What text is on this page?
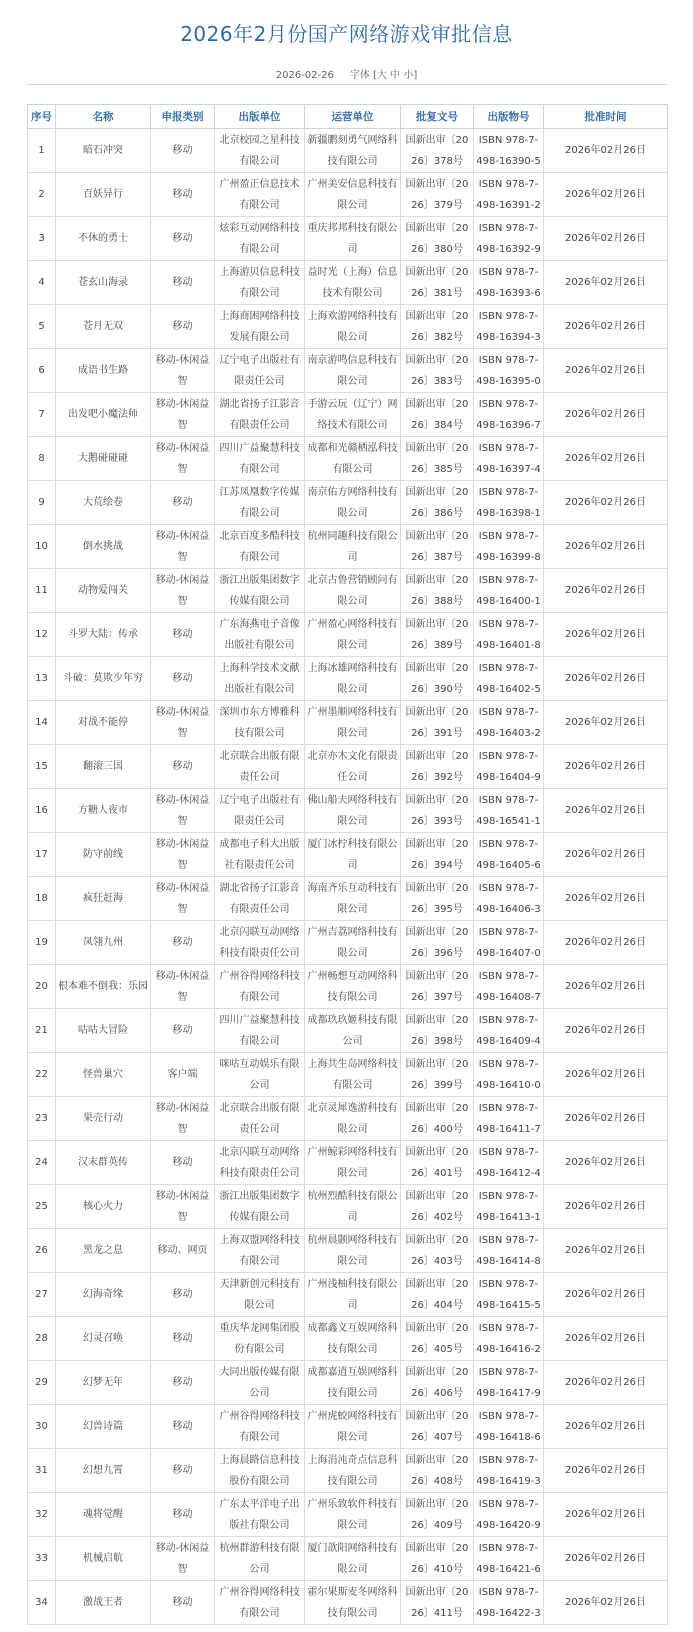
2026年2月份国产网络游戏审批信息
2026-02-26 字体 [大 中 小]
序号	名称	申报类别	出版单位	运营单位	批复文号	出版物号	批准时间
1	暗石冲突	移动	北京校园之星科技有限公司	新疆鹏刻勇气网络科技有限公司	国新出审〔2026〕378号	ISBN 978-7-498-16390-5	2026年02月26日
2	百妖异行	移动	广州盈正信息技术有限公司	广州美安信息科技有限公司	国新出审〔2026〕379号	ISBN 978-7-498-16391-2	2026年02月26日
3	不休的勇士	移动	炫彩互动网络科技有限公司	重庆邦邦科技有限公司	国新出审〔2026〕380号	ISBN 978-7-498-16392-9	2026年02月26日
4	苍玄山海录	移动	上海游贝信息科技有限公司	益时光（上海）信息技术有限公司	国新出审〔2026〕381号	ISBN 978-7-498-16393-6	2026年02月26日
5	苍月无双	移动	上海商困网络科技发展有限公司	上海欢游网络科技有限公司	国新出审〔2026〕382号	ISBN 978-7-498-16394-3	2026年02月26日
6	成语书生路	移动-休闲益智	辽宁电子出版社有限责任公司	南京游鸣信息科技有限公司	国新出审〔2026〕383号	ISBN 978-7-498-16395-0	2026年02月26日
7	出发吧小魔法师	移动-休闲益智	湖北省扬子江影音有限责任公司	手游云玩（辽宁）网络技术有限公司	国新出审〔2026〕384号	ISBN 978-7-498-16396-7	2026年02月26日
8	大鹅碰碰碰	移动-休闲益智	四川广益聚慧科技有限公司	成都和光赣栖泓科技有限公司	国新出审〔2026〕385号	ISBN 978-7-498-16397-4	2026年02月26日
9	大荒绘卷	移动	江苏凤凰数字传媒有限公司	南京佑方网络科技有限公司	国新出审〔2026〕386号	ISBN 978-7-498-16398-1	2026年02月26日
10	倒水挑战	移动-休闲益智	北京百度多酷科技有限公司	杭州同趣科技有限公司	国新出审〔2026〕387号	ISBN 978-7-498-16399-8	2026年02月26日
11	动物爱闯关	移动-休闲益智	浙江出版集团数字传媒有限公司	北京古鲁营销顾问有限公司	国新出审〔2026〕388号	ISBN 978-7-498-16400-1	2026年02月26日
12	斗罗大陆：传承	移动	广东海燕电子音像出版社有限公司	广州盈心网络科技有限公司	国新出审〔2026〕389号	ISBN 978-7-498-16401-8	2026年02月26日
13	斗破：莫欺少年穷	移动	上海科学技术文献出版社有限公司	上海冰雄网络科技有限公司	国新出审〔2026〕390号	ISBN 978-7-498-16402-5	2026年02月26日
14	对战不能停	移动-休闲益智	深圳市东方博雅科技有限公司	广州墨顺网络科技有限公司	国新出审〔2026〕391号	ISBN 978-7-498-16403-2	2026年02月26日
15	翻滚三国	移动	北京联合出版有限责任公司	北京亦木文化有限责任公司	国新出审〔2026〕392号	ISBN 978-7-498-16404-9	2026年02月26日
16	方糖人夜市	移动-休闲益智	辽宁电子出版社有限责任公司	佛山船夫网络科技有限公司	国新出审〔2026〕393号	ISBN 978-7-498-16541-1	2026年02月26日
17	防守前线	移动-休闲益智	成都电子科大出版社有限责任公司	厦门冰柠科技有限公司	国新出审〔2026〕394号	ISBN 978-7-498-16405-6	2026年02月26日
18	疯狂赶海	移动-休闲益智	湖北省扬子江影音有限责任公司	海南齐乐互动科技有限公司	国新出审〔2026〕395号	ISBN 978-7-498-16406-3	2026年02月26日
19	凤翎九州	移动	北京闪联互动网络科技有限责任公司	广州吉荔网络科技有限公司	国新出审〔2026〕396号	ISBN 978-7-498-16407-0	2026年02月26日
20	根本难不倒我：乐园	移动-休闲益智	广州谷得网络科技有限公司	广州畅想互动网络科技有限公司	国新出审〔2026〕397号	ISBN 978-7-498-16408-7	2026年02月26日
21	咕咕大冒险	移动	四川广益聚慧科技有限公司	成都玖玖姬科技有限公司	国新出审〔2026〕398号	ISBN 978-7-498-16409-4	2026年02月26日
22	怪兽巢穴	客户端	咪咕互动娱乐有限公司	上海共生岛网络科技有限公司	国新出审〔2026〕399号	ISBN 978-7-498-16410-0	2026年02月26日
23	果壳行动	移动-休闲益智	北京联合出版有限责任公司	北京灵犀逸游科技有限公司	国新出审〔2026〕400号	ISBN 978-7-498-16411-7	2026年02月26日
24	汉末群英传	移动	北京闪联互动网络科技有限责任公司	广州鲸彩网络科技有限公司	国新出审〔2026〕401号	ISBN 978-7-498-16412-4	2026年02月26日
25	核心火力	移动-休闲益智	浙江出版集团数字传媒有限公司	杭州烈酷科技有限公司	国新出审〔2026〕402号	ISBN 978-7-498-16413-1	2026年02月26日
26	黑龙之息	移动、网页	上海双盟网络科技有限公司	杭州晨颢网络科技有限公司	国新出审〔2026〕403号	ISBN 978-7-498-16414-8	2026年02月26日
27	幻海奇缘	移动	天津新创元科技有限公司	广州浅柚科技有限公司	国新出审〔2026〕404号	ISBN 978-7-498-16415-5	2026年02月26日
28	幻灵召唤	移动	重庆华龙网集团股份有限公司	成都鑫义互娱网络科技有限公司	国新出审〔2026〕405号	ISBN 978-7-498-16416-2	2026年02月26日
29	幻梦无年	移动	大同出版传媒有限公司	成都嘉逍互娱网络科技有限公司	国新出审〔2026〕406号	ISBN 978-7-498-16417-9	2026年02月26日
30	幻兽诗篇	移动	广州谷得网络科技有限公司	广州虎蛟网络科技有限公司	国新出审〔2026〕407号	ISBN 978-7-498-16418-6	2026年02月26日
31	幻想九霄	移动	上海晨路信息科技股份有限公司	上海涓沌奇点信息科技有限公司	国新出审〔2026〕408号	ISBN 978-7-498-16419-3	2026年02月26日
32	魂将觉醒	移动	广东太平洋电子出版社有限公司	广州乐致软件科技有限公司	国新出审〔2026〕409号	ISBN 978-7-498-16420-9	2026年02月26日
33	机械启航	移动-休闲益智	杭州群游科技有限公司	厦门歆阳网络科技有限公司	国新出审〔2026〕410号	ISBN 978-7-498-16421-6	2026年02月26日
34	激战王者	移动	广州谷得网络科技有限公司	霍尔果斯麦冬网络科技有限公司	国新出审〔2026〕411号	ISBN 978-7-498-16422-3	2026年02月26日
